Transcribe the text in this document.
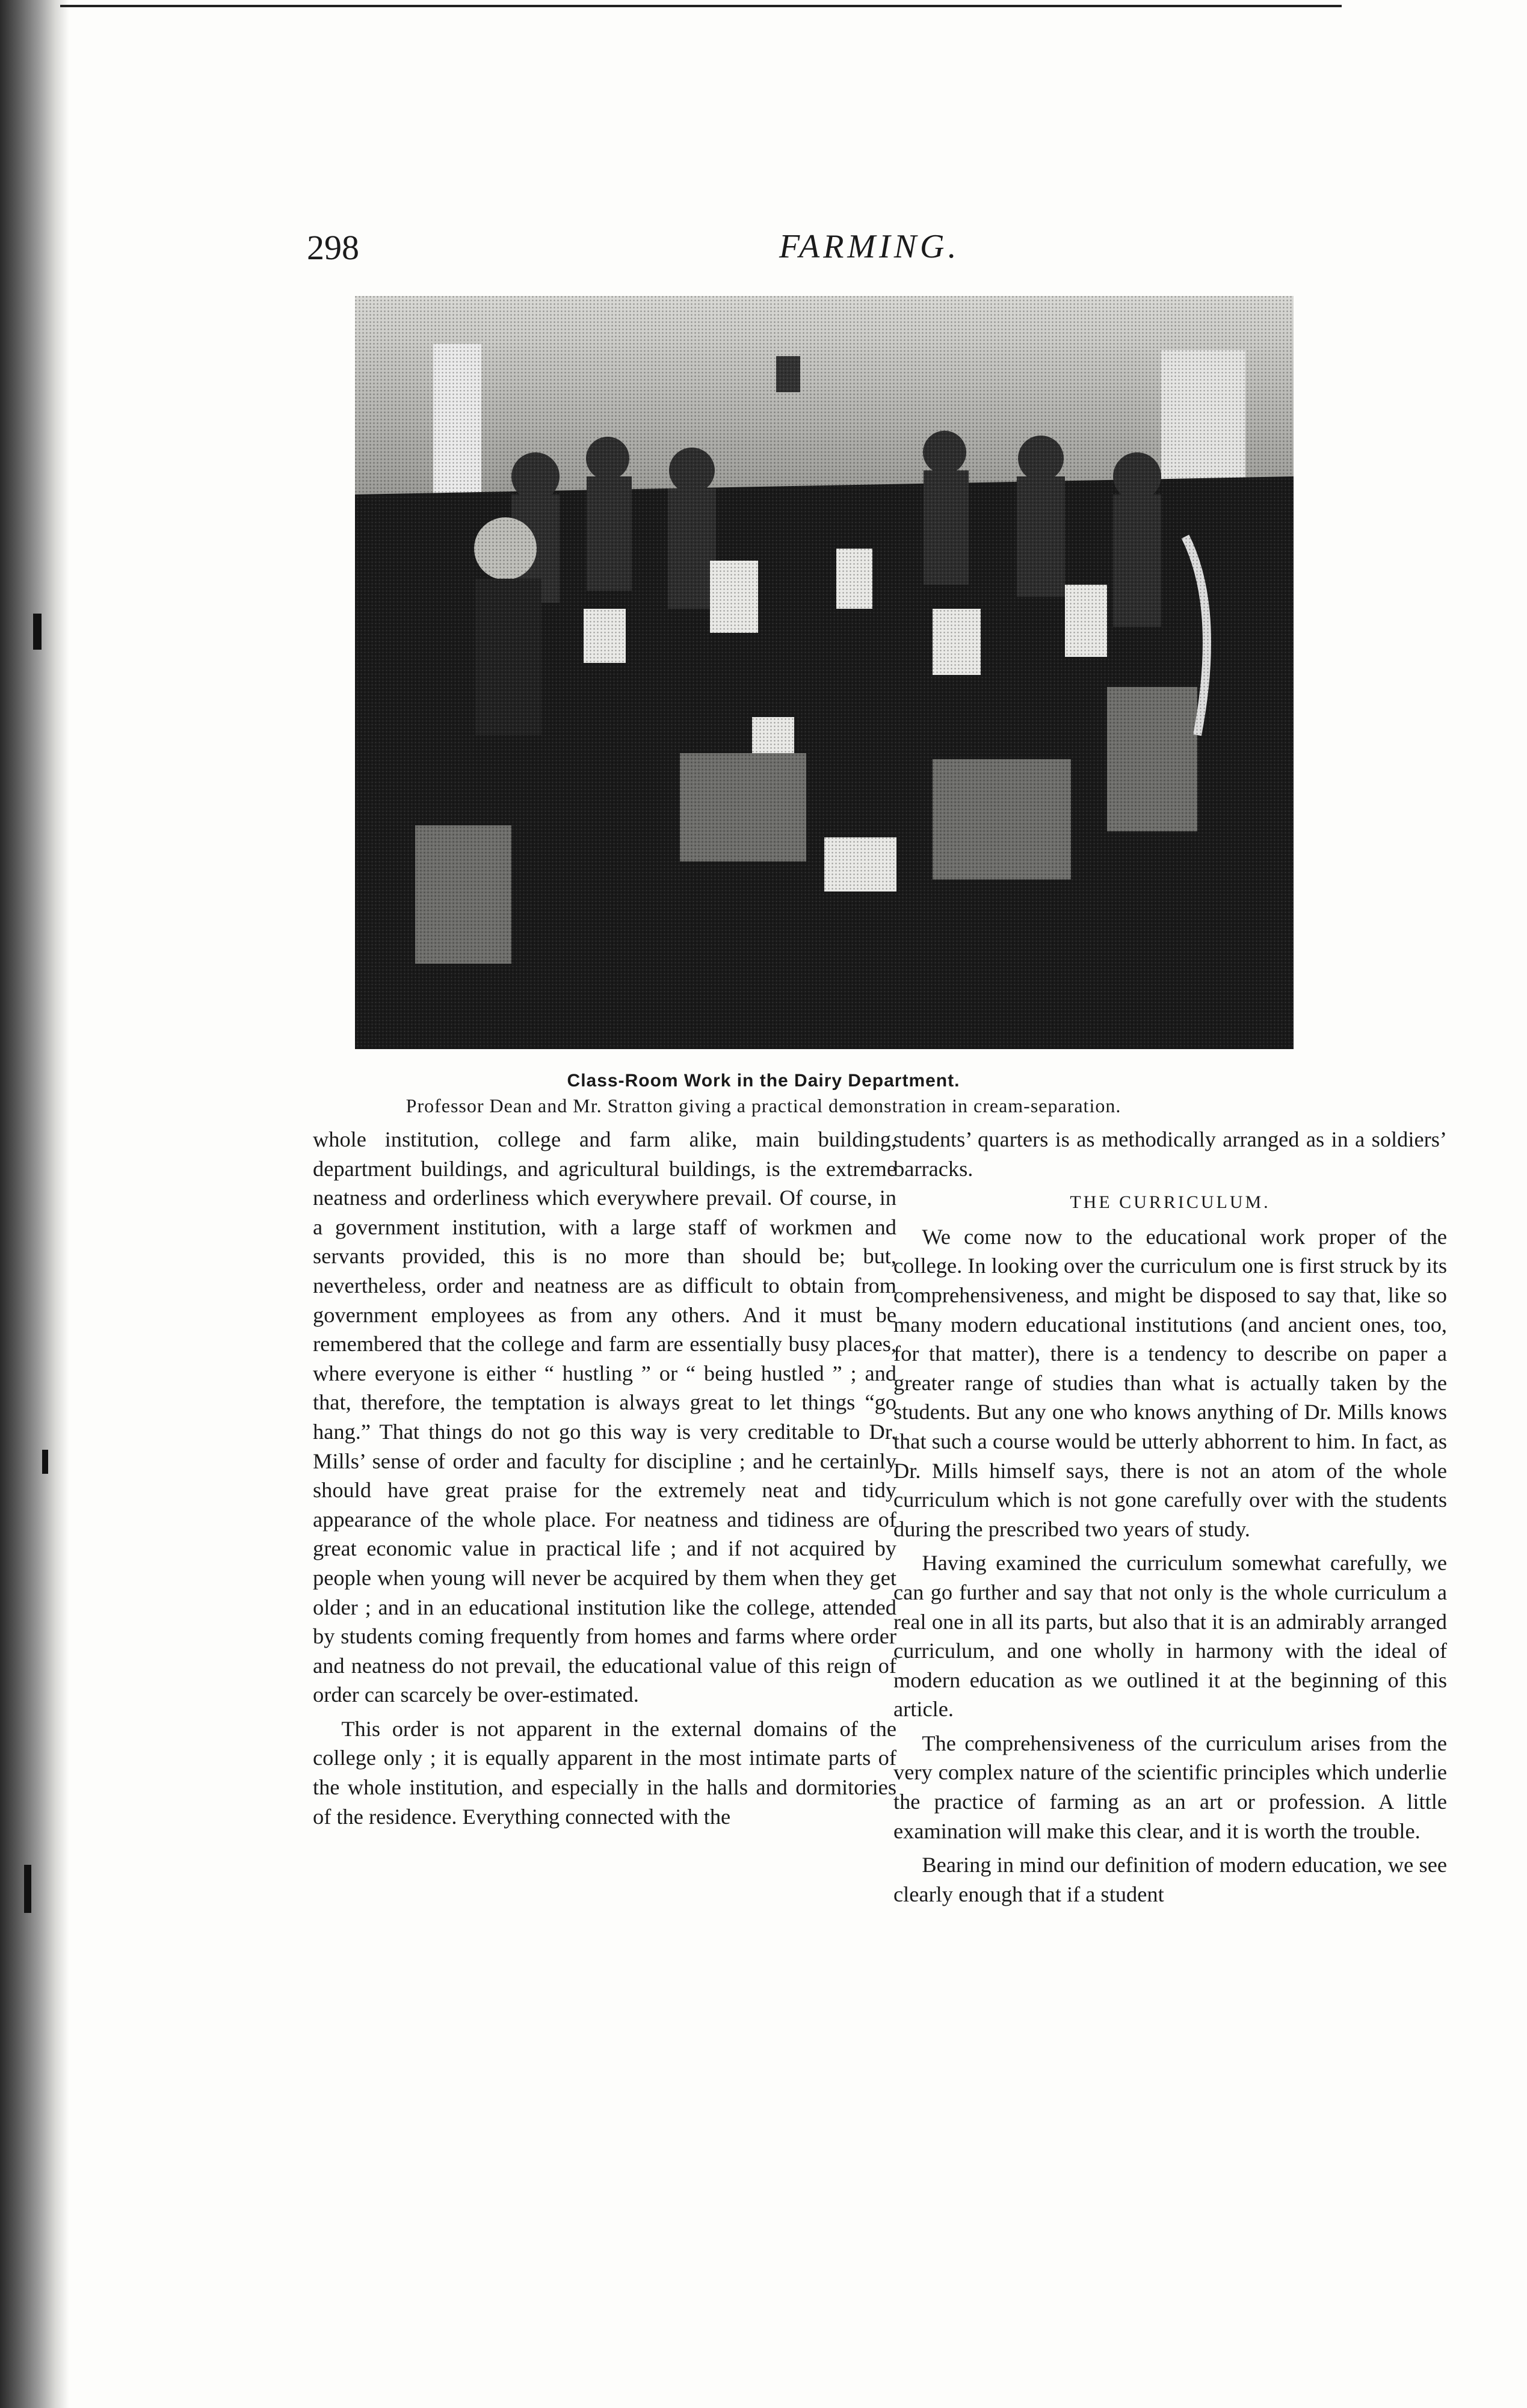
298	FARMING.
Class-Room Work in the Dairy Department.
Professor Dean and Mr. Stratton giving a practical demonstration in cream-separation.

whole institution, college and farm alike, main building, department buildings, and agricultural buildings, is the extreme neatness and orderliness which everywhere prevail. Of course, in a government institution, with a large staff of workmen and servants provided, this is no more than should be; but, nevertheless, order and neatness are as difficult to obtain from government employees as from any others. And it must be remembered that the college and farm are essentially busy places, where everyone is either “ hustling ” or “ being hustled ” ; and that, therefore, the temptation is always great to let things “go hang.” That things do not go this way is very creditable to Dr. Mills’ sense of order and faculty for discipline ; and he certainly should have great praise for the extremely neat and tidy appearance of the whole place. For neatness and tidiness are of great economic value in practical life ; and if not acquired by people when young will never be acquired by them when they get older ; and in an educational institution like the college, attended by students coming frequently from homes and farms where order and neatness do not prevail, the educational value of this reign of order can scarcely be over-estimated.

This order is not apparent in the external domains of the college only ; it is equally apparent in the most intimate parts of the whole institution, and especially in the halls and dormitories of the residence. Everything connected with the

students’ quarters is as methodically arranged as in a soldiers’ barracks.

THE CURRICULUM.

We come now to the educational work proper of the college. In looking over the curriculum one is first struck by its comprehensiveness, and might be disposed to say that, like so many modern educational institutions (and ancient ones, too, for that matter), there is a tendency to describe on paper a greater range of studies than what is actually taken by the students. But any one who knows anything of Dr. Mills knows that such a course would be utterly abhorrent to him. In fact, as Dr. Mills himself says, there is not an atom of the whole curriculum which is not gone carefully over with the students during the prescribed two years of study.

Having examined the curriculum somewhat carefully, we can go further and say that not only is the whole curriculum a real one in all its parts, but also that it is an admirably arranged curriculum, and one wholly in harmony with the ideal of modern education as we outlined it at the beginning of this article.

The comprehensiveness of the curriculum arises from the very complex nature of the scientific principles which underlie the practice of farming as an art or profession. A little examination will make this clear, and it is worth the trouble.

Bearing in mind our definition of modern education, we see clearly enough that if a student
